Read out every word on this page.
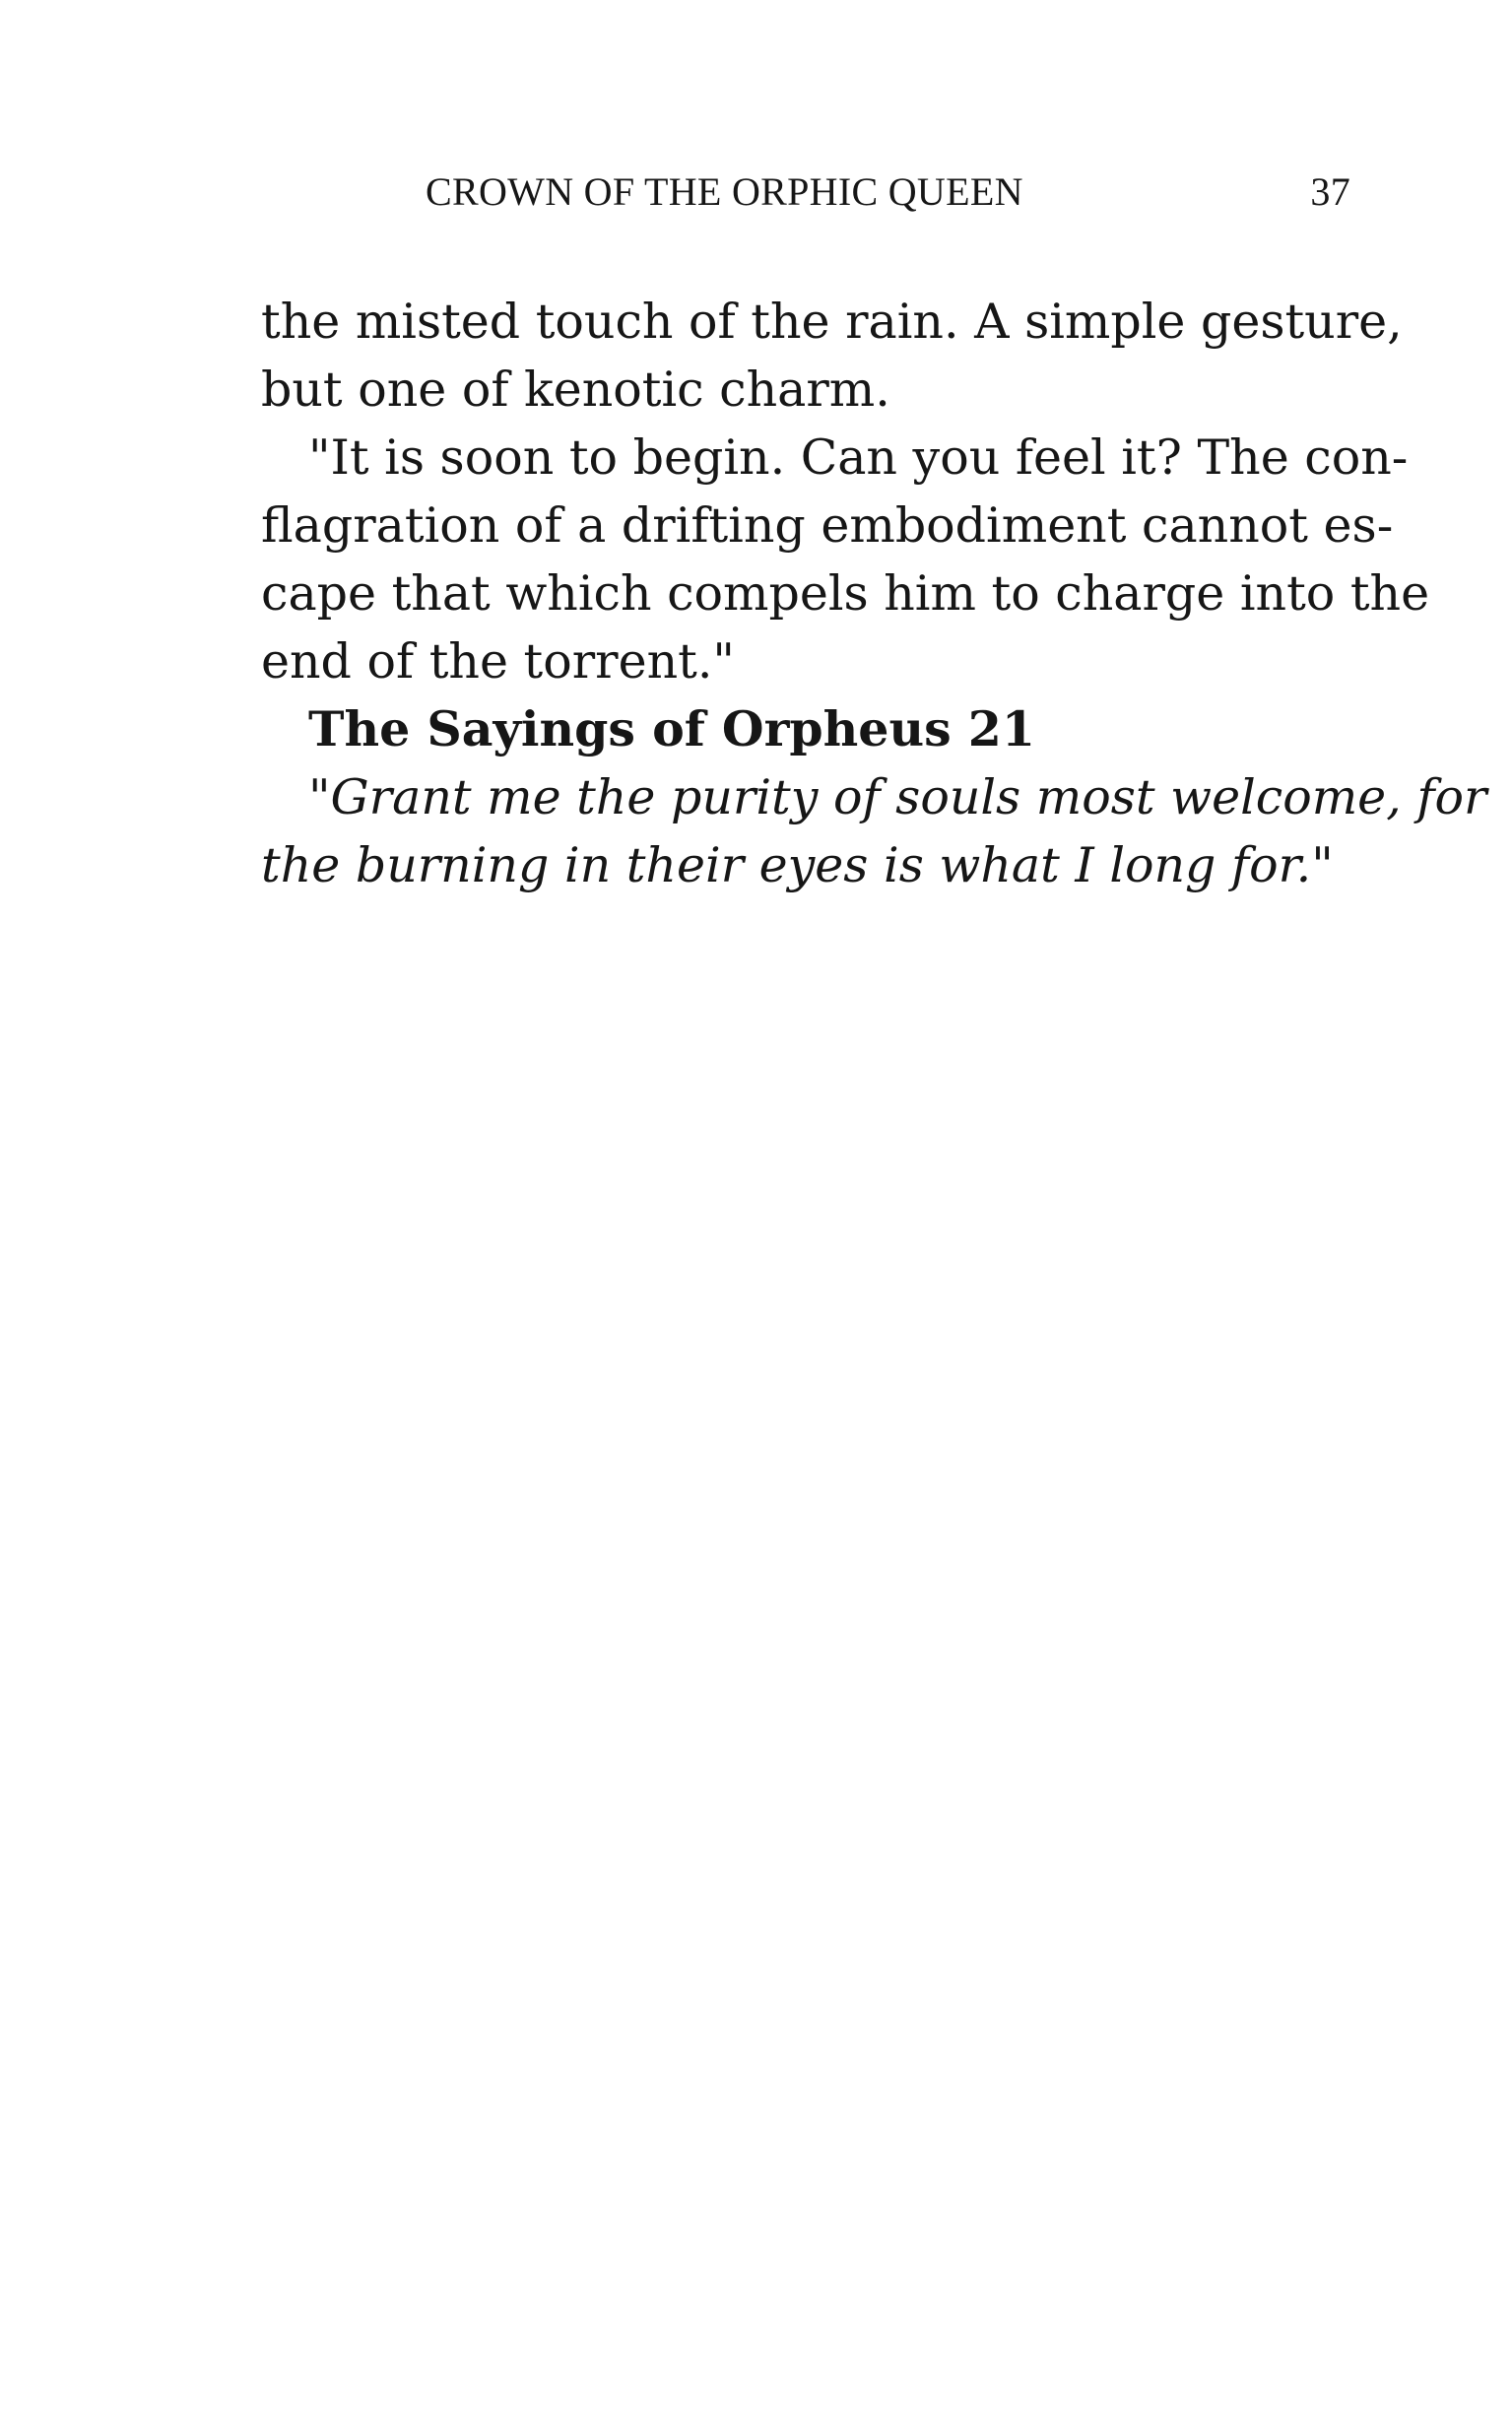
CROWN OF THE ORPHIC QUEEN	37
the misted touch of the rain. A simple gesture,
but one of kenotic charm.
"It is soon to begin. Can you feel it? The con-
flagration of a drifting embodiment cannot es-
cape that which compels him to charge into the
end of the torrent."
The Sayings of Orpheus 21
"Grant me the purity of souls most welcome, for
the burning in their eyes is what I long for."
